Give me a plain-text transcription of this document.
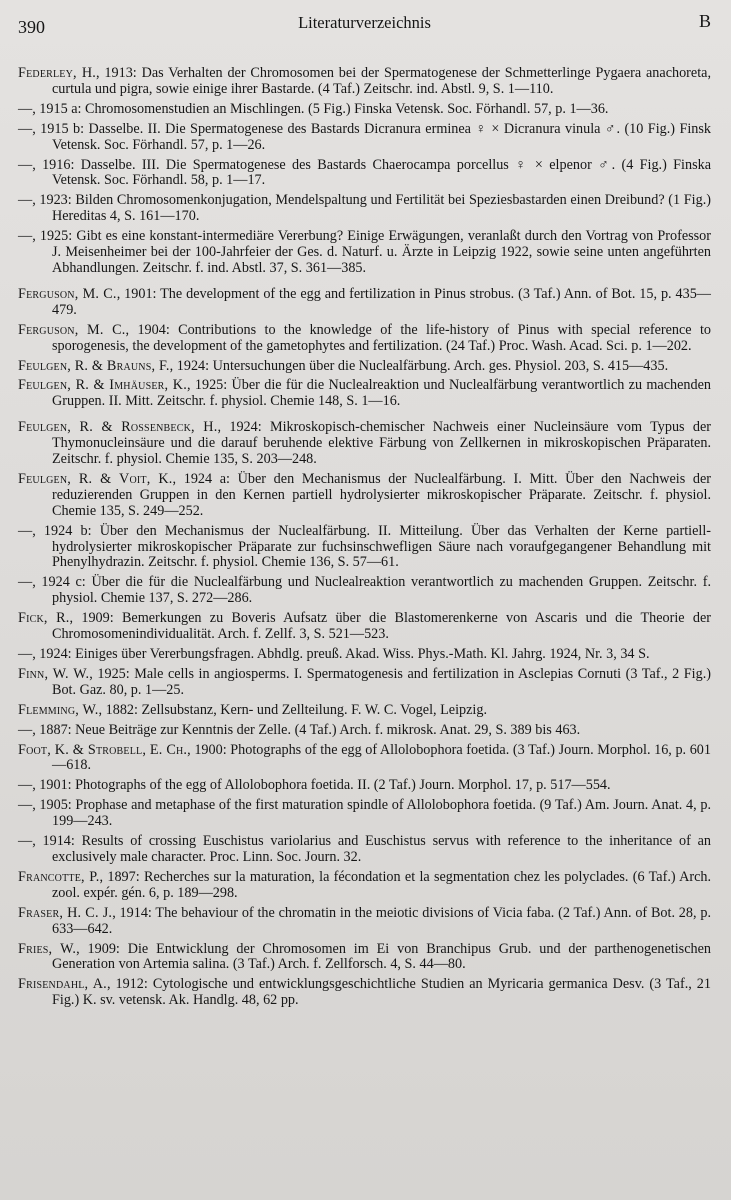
390	Literaturverzeichnis	B

Federley, H., 1913: Das Verhalten der Chromosomen bei der Spermatogenese der Schmetterlinge Pygaera anachoreta, curtula und pigra, sowie einige ihrer Bastarde. (4 Taf.) Zeitschr. ind. Abstl. 9, S. 1—110.

—, 1915 a: Chromosomenstudien an Mischlingen. (5 Fig.) Finska Vetensk. Soc. Förhandl. 57, p. 1—36.

—, 1915 b: Dasselbe. II. Die Spermatogenese des Bastards Dicranura erminea ♀ × Dicranura vinula ♂. (10 Fig.) Finsk Vetensk. Soc. Förhandl. 57, p. 1—26.

—, 1916: Dasselbe. III. Die Spermatogenese des Bastards Chaerocampa porcellus ♀ × elpenor ♂. (4 Fig.) Finska Vetensk. Soc. Förhandl. 58, p. 1—17.

—, 1923: Bilden Chromosomenkonjugation, Mendelspaltung und Fertilität bei Speziesbastarden einen Dreibund? (1 Fig.) Hereditas 4, S. 161—170.

—, 1925: Gibt es eine konstant-intermediäre Vererbung? Einige Erwägungen, veranlaßt durch den Vortrag von Professor J. Meisenheimer bei der 100-Jahrfeier der Ges. d. Naturf. u. Ärzte in Leipzig 1922, sowie seine unten angeführten Abhandlungen. Zeitschr. f. ind. Abstl. 37, S. 361—385.

Ferguson, M. C., 1901: The development of the egg and fertilization in Pinus strobus. (3 Taf.) Ann. of Bot. 15, p. 435—479.

Ferguson, M. C., 1904: Contributions to the knowledge of the life-history of Pinus with special reference to sporogenesis, the development of the gametophytes and fertilization. (24 Taf.) Proc. Wash. Acad. Sci. p. 1—202.

Feulgen, R. & Brauns, F., 1924: Untersuchungen über die Nuclealfärbung. Arch. ges. Physiol. 203, S. 415—435.

Feulgen, R. & Imhäuser, K., 1925: Über die für die Nuclealreaktion und Nuclealfärbung verantwortlich zu machenden Gruppen. II. Mitt. Zeitschr. f. physiol. Chemie 148, S. 1—16.

Feulgen, R. & Rossenbeck, H., 1924: Mikroskopisch-chemischer Nachweis einer Nucleinsäure vom Typus der Thymonucleinsäure und die darauf beruhende elektive Färbung von Zellkernen in mikroskopischen Präparaten. Zeitschr. f. physiol. Chemie 135, S. 203—248.

Feulgen, R. & Voit, K., 1924 a: Über den Mechanismus der Nuclealfärbung. I. Mitt. Über den Nachweis der reduzierenden Gruppen in den Kernen partiell hydrolysierter mikroskopischer Präparate. Zeitschr. f. physiol. Chemie 135, S. 249—252.

—, 1924 b: Über den Mechanismus der Nuclealfärbung. II. Mitteilung. Über das Verhalten der Kerne partiell-hydrolysierter mikroskopischer Präparate zur fuchsinschwefligen Säure nach voraufgegangener Behandlung mit Phenylhydrazin. Zeitschr. f. physiol. Chemie 136, S. 57—61.

—, 1924 c: Über die für die Nuclealfärbung und Nuclealreaktion verantwortlich zu machenden Gruppen. Zeitschr. f. physiol. Chemie 137, S. 272—286.

Fick, R., 1909: Bemerkungen zu Boveris Aufsatz über die Blastomerenkerne von Ascaris und die Theorie der Chromosomenindividualität. Arch. f. Zellf. 3, S. 521—523.

—, 1924: Einiges über Vererbungsfragen. Abhdlg. preuß. Akad. Wiss. Phys.-Math. Kl. Jahrg. 1924, Nr. 3, 34 S.

Finn, W. W., 1925: Male cells in angiosperms. I. Spermatogenesis and fertilization in Asclepias Cornuti (3 Taf., 2 Fig.) Bot. Gaz. 80, p. 1—25.

Flemming, W., 1882: Zellsubstanz, Kern- und Zellteilung. F. W. C. Vogel, Leipzig.

—, 1887: Neue Beiträge zur Kenntnis der Zelle. (4 Taf.) Arch. f. mikrosk. Anat. 29, S. 389 bis 463.

Foot, K. & Strobell, E. Ch., 1900: Photographs of the egg of Allolobophora foetida. (3 Taf.) Journ. Morphol. 16, p. 601—618.

—, 1901: Photographs of the egg of Allolobophora foetida. II. (2 Taf.) Journ. Morphol. 17, p. 517—554.

—, 1905: Prophase and metaphase of the first maturation spindle of Allolobophora foetida. (9 Taf.) Am. Journ. Anat. 4, p. 199—243.

—, 1914: Results of crossing Euschistus variolarius and Euschistus servus with reference to the inheritance of an exclusively male character. Proc. Linn. Soc. Journ. 32.

Francotte, P., 1897: Recherches sur la maturation, la fécondation et la segmentation chez les polyclades. (6 Taf.) Arch. zool. expér. gén. 6, p. 189—298.

Fraser, H. C. J., 1914: The behaviour of the chromatin in the meiotic divisions of Vicia faba. (2 Taf.) Ann. of Bot. 28, p. 633—642.

Fries, W., 1909: Die Entwicklung der Chromosomen im Ei von Branchipus Grub. und der parthenogenetischen Generation von Artemia salina. (3 Taf.) Arch. f. Zellforsch. 4, S. 44—80.

Frisendahl, A., 1912: Cytologische und entwicklungsgeschichtliche Studien an Myricaria germanica Desv. (3 Taf., 21 Fig.) K. sv. vetensk. Ak. Handlg. 48, 62 pp.
